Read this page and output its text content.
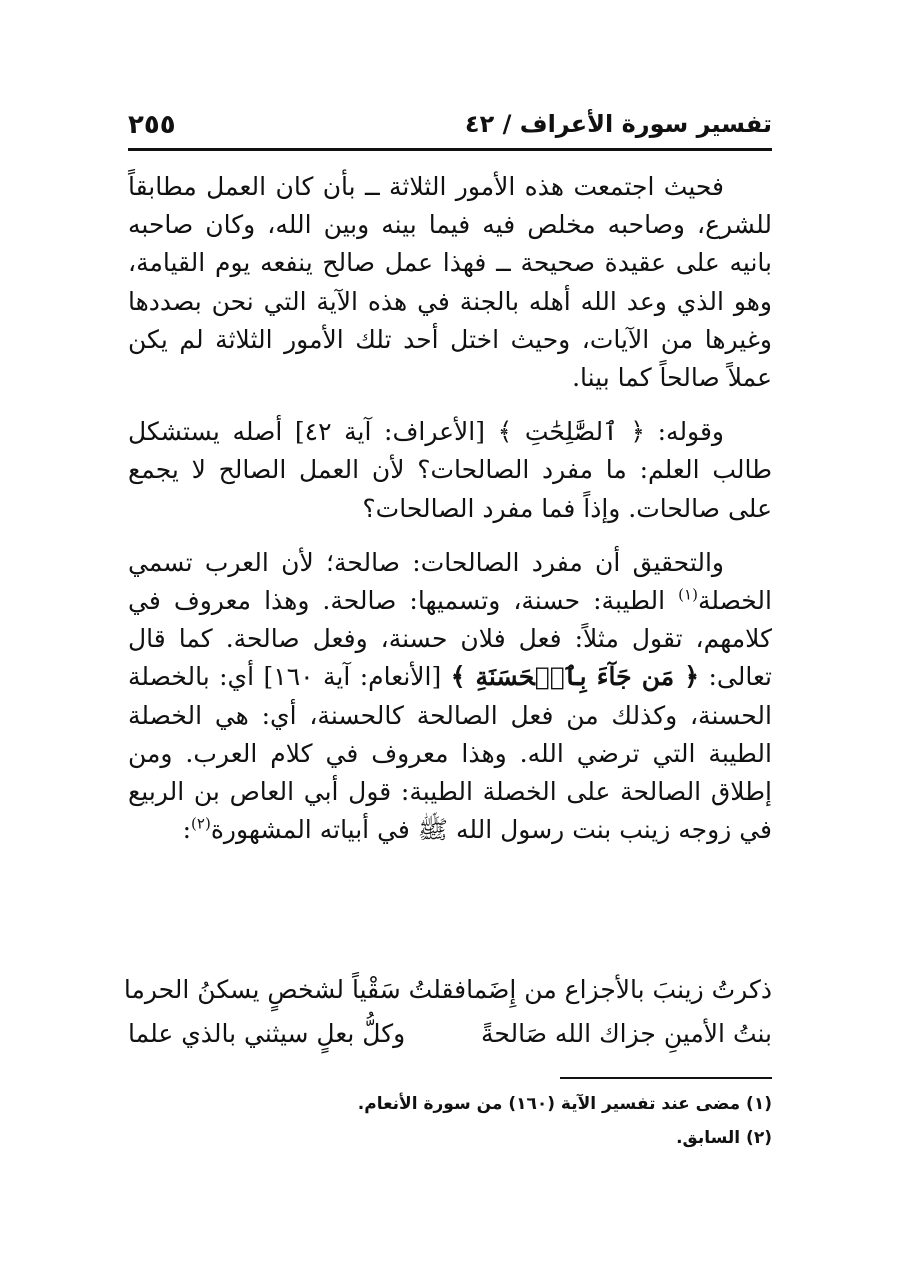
تفسير سورة الأعراف / ٤٢
٢٥٥

فحيث اجتمعت هذه الأمور الثلاثة ــ بأن كان العمل مطابقاً للشرع، وصاحبه مخلص فيه فيما بينه وبين الله، وكان صاحبه بانيه على عقيدة صحيحة ــ فهذا عمل صالح ينفعه يوم القيامة، وهو الذي وعد الله أهله بالجنة في هذه الآية التي نحن بصددها وغيرها من الآيات، وحيث اختل أحد تلك الأمور الثلاثة لم يكن عملاً صالحاً كما بينا.

وقوله: ﴿ ٱلصَّٰلِحَٰتِ ﴾ [الأعراف: آية ٤٢] أصله يستشكل طالب العلم: ما مفرد الصالحات؟ لأن العمل الصالح لا يجمع على صالحات. وإذاً فما مفرد الصالحات؟

والتحقيق أن مفرد الصالحات: صالحة؛ لأن العرب تسمي الخصلة$^{(١)}$ الطيبة: حسنة، وتسميها: صالحة. وهذا معروف في كلامهم، تقول مثلاً: فعل فلان حسنة، وفعل صالحة. كما قال تعالى: ﴿ مَن جَآءَ بِٱلۡحَسَنَةِ ﴾ [الأنعام: آية ١٦٠] أي: بالخصلة الحسنة، وكذلك من فعل الصالحة كالحسنة، أي: هي الخصلة الطيبة التي ترضي الله. وهذا معروف في كلام العرب. ومن إطلاق الصالحة على الخصلة الطيبة: قول أبي العاص بن الربيع في زوجه زينب بنت رسول الله ﷺ في أبياته المشهورة$^{(٢)}$:

ذكرتُ زينبَ بالأجزاع من إِضَما
فقلتُ سَقْياً لشخصٍ يسكنُ الحرما
بنتُ الأمينِ جزاك الله صَالحةً
وكلُّ بعلٍ سيثني بالذي علما
(١) مضى عند تفسير الآية (١٦٠) من سورة الأنعام.
(٢) السابق.
